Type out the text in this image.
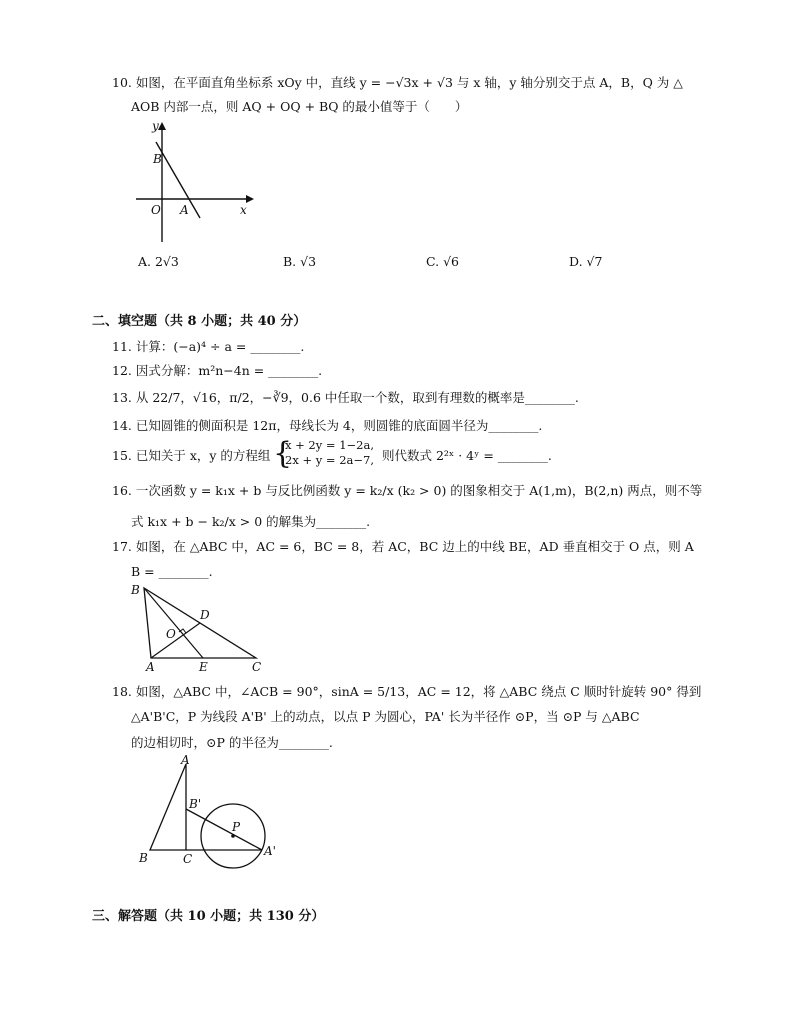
10. 如图，在平面直角坐标系 xOy 中，直线 y = −√3x + √3 与 x 轴，y 轴分别交于点 A，B，Q 为 △
AOB 内部一点，则 AQ + OQ + BQ 的最小值等于（　　）
y
x
O A
B
A. 2√3	B. √3	C. √6	D. √7
二、填空题（共 8 小题；共 40 分）
11. 计算：(−a)⁴ ÷ a = ________.
12. 因式分解：m²n−4n = ________.
13. 从 22/7，√16，π/2，−∛9，0.6 中任取一个数，取到有理数的概率是________.
14. 已知圆锥的侧面积是 12π，母线长为 4，则圆锥的底面圆半径为________.
15. 已知关于 x，y 的方程组 {
x + 2y = 1−2a,
2x + y = 2a−7, 则代数式 2²ˣ · 4ʸ = ________.
16. 一次函数 y = k₁x + b 与反比例函数 y = k₂/x (k₂ > 0) 的图象相交于 A(1,m)，B(2,n) 两点，则不等
式 k₁x + b − k₂/x > 0 的解集为________.
17. 如图，在 △ABC 中，AC = 6，BC = 8，若 AC，BC 边上的中线 BE，AD 垂直相交于 O 点，则 A
B = ________.
B
D
O
A	E	C
18. 如图，△ABC 中，∠ACB = 90°，sinA = 5/13，AC = 12，将 △ABC 绕点 C 顺时针旋转 90° 得到
△A'B'C，P 为线段 A'B' 上的动点，以点 P 为圆心，PA' 长为半径作 ⊙P，当 ⊙P 与 △ABC
的边相切时，⊙P 的半径为________.
A
B'
P
A'
B	C
三、解答题（共 10 小题；共 130 分）
